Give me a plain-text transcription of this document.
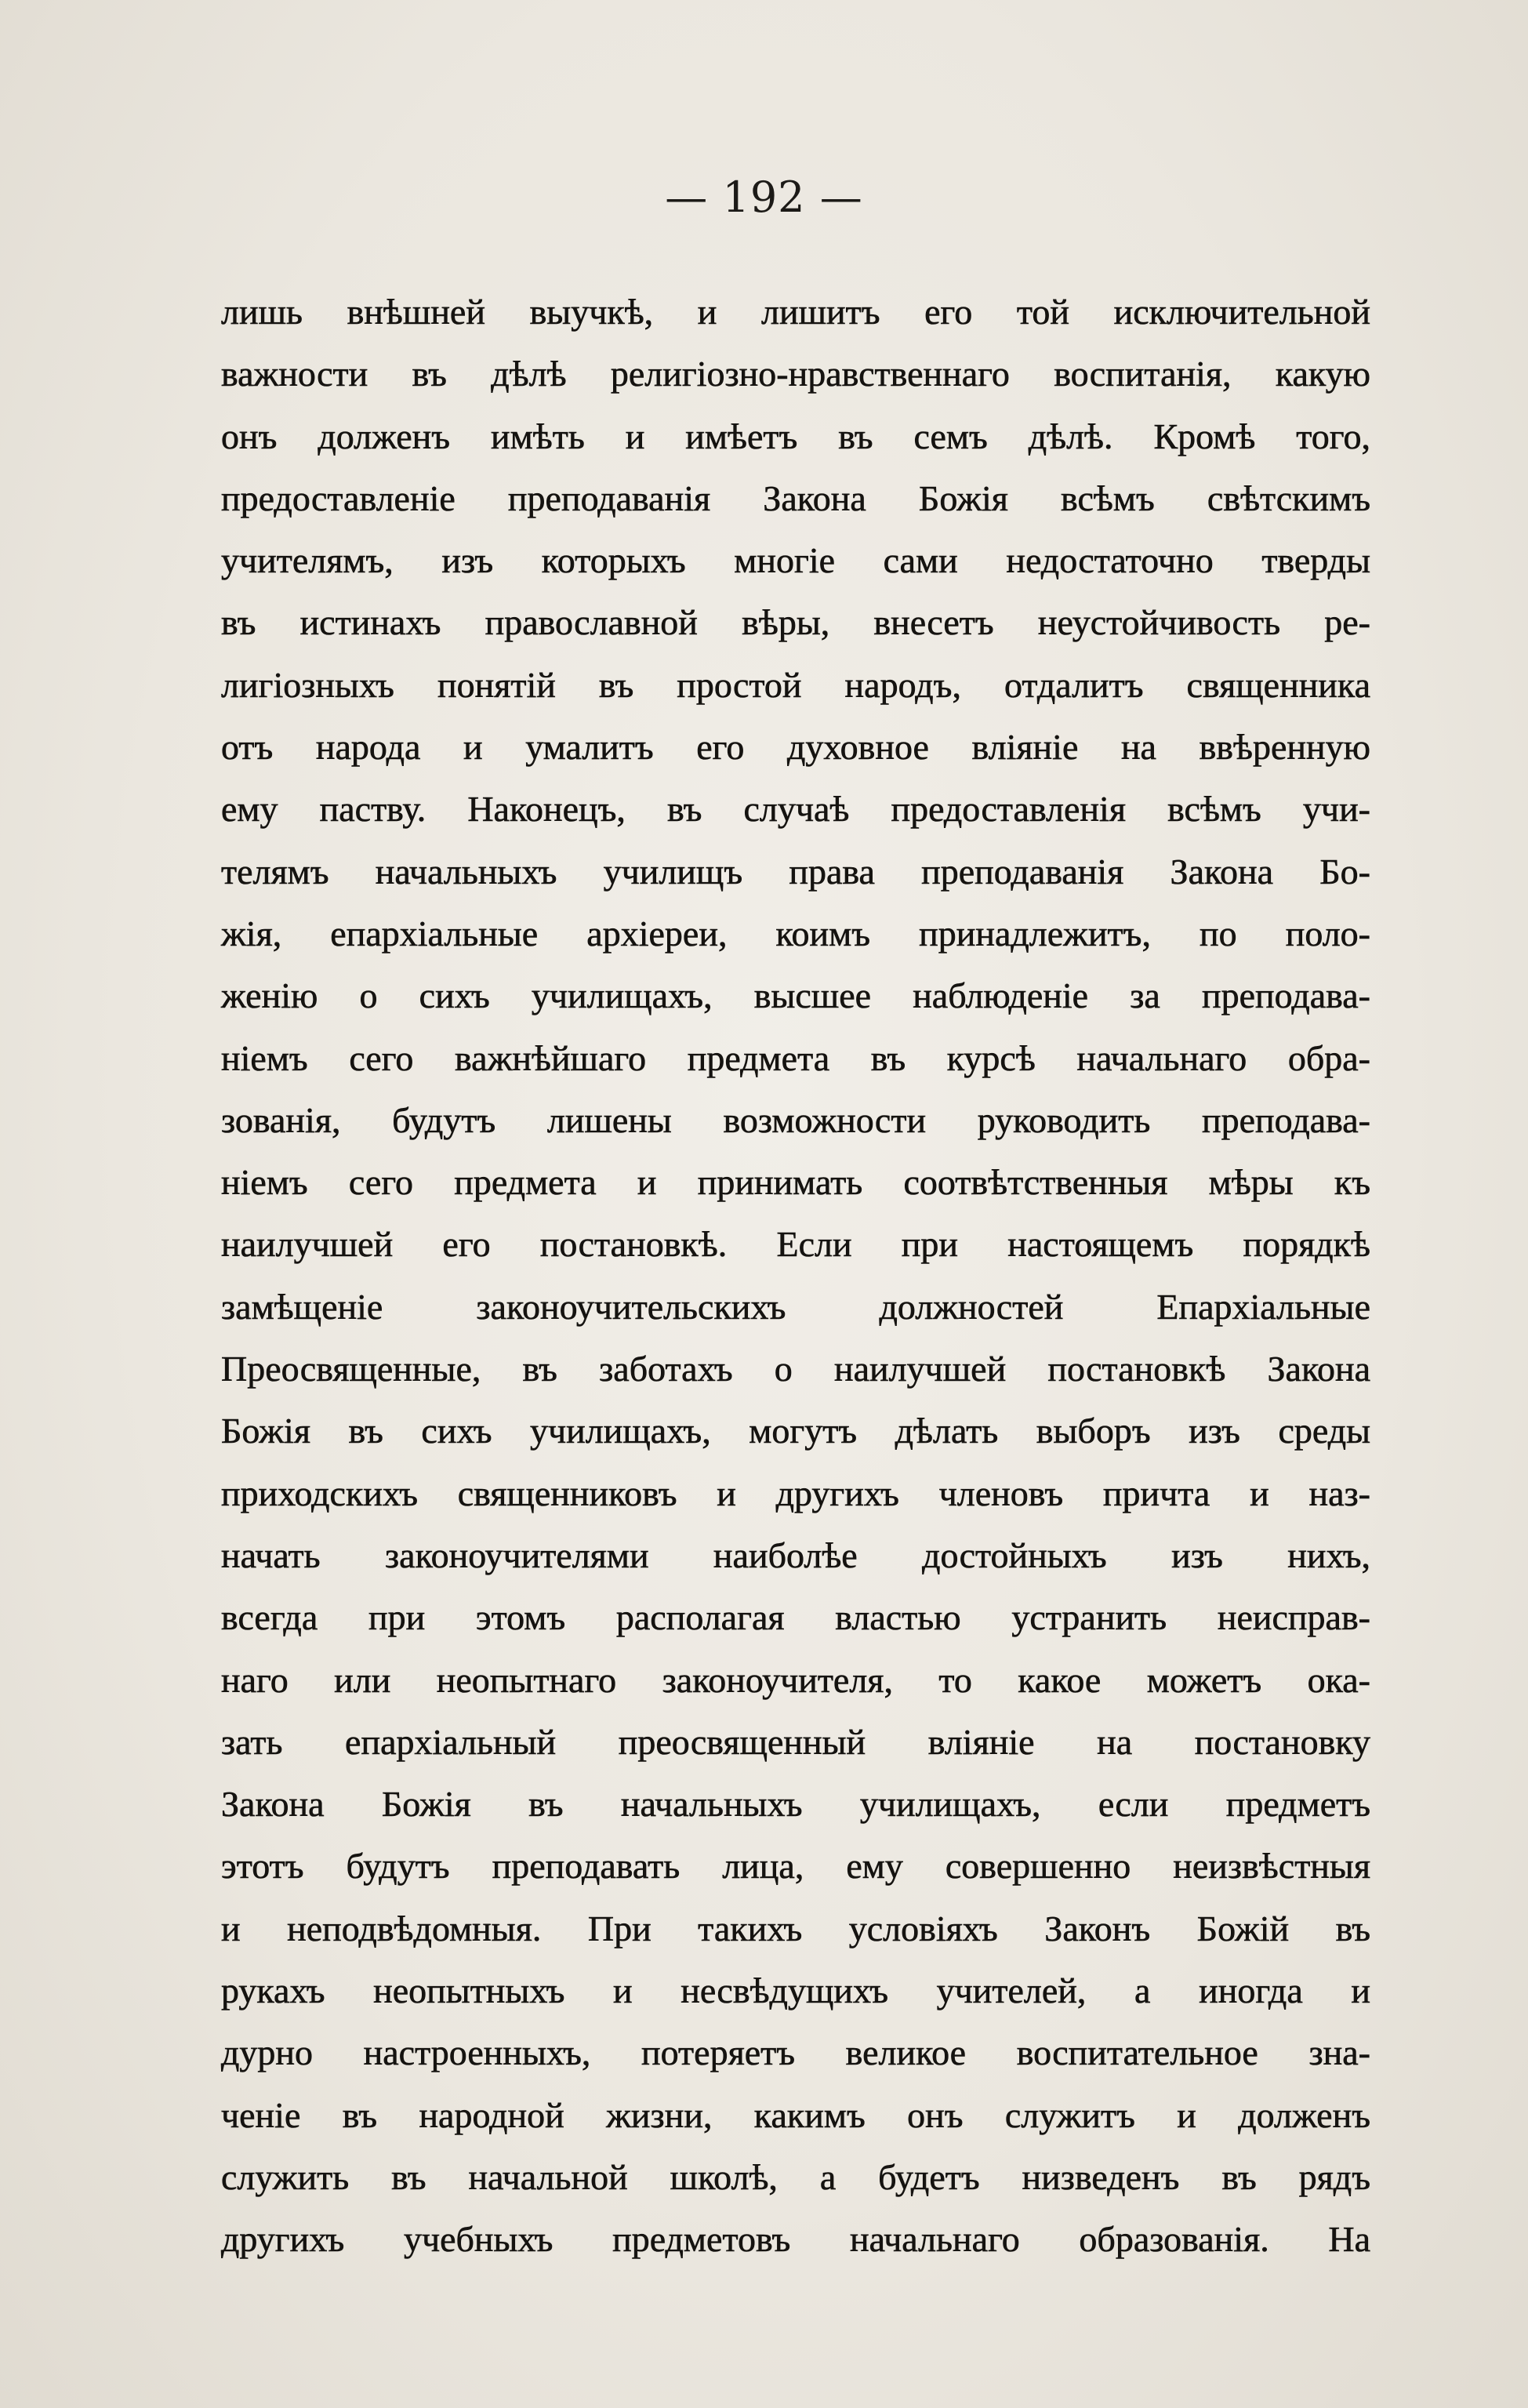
— 192 —
лишь внѣшней выучкѣ, и лишитъ его той исключительной
важности въ дѣлѣ религіозно-нравственнаго воспитанія, какую
онъ долженъ имѣть и имѣетъ въ семъ дѣлѣ. Кромѣ того,
предоставленіе преподаванія Закона Божія всѣмъ свѣтскимъ
учителямъ, изъ которыхъ многіе сами недостаточно тверды
въ истинахъ православной вѣры, внесетъ неустойчивость ре-
лигіозныхъ понятій въ простой народъ, отдалитъ священника
отъ народа и умалитъ его духовное вліяніе на ввѣренную
ему паству. Наконецъ, въ случаѣ предоставленія всѣмъ учи-
телямъ начальныхъ училищъ права преподаванія Закона Бо-
жія, епархіальные архіереи, коимъ принадлежитъ, по поло-
женію о сихъ училищахъ, высшее наблюденіе за преподава-
ніемъ сего важнѣйшаго предмета въ курсѣ начальнаго обра-
зованія, будутъ лишены возможности руководить преподава-
ніемъ сего предмета и принимать соотвѣтственныя мѣры къ
наилучшей его постановкѣ. Если при настоящемъ порядкѣ
замѣщеніе законоучительскихъ должностей Епархіальные
Преосвященные, въ заботахъ о наилучшей постановкѣ Закона
Божія въ сихъ училищахъ, могутъ дѣлать выборъ изъ среды
приходскихъ священниковъ и другихъ членовъ причта и наз-
начать законоучителями наиболѣе достойныхъ изъ нихъ,
всегда при этомъ располагая властью устранить неисправ-
наго или неопытнаго законоучителя, то какое можетъ ока-
зать епархіальный преосвященный вліяніе на постановку
Закона Божія въ начальныхъ училищахъ, если предметъ
этотъ будутъ преподавать лица, ему совершенно неизвѣстныя
и неподвѣдомныя. При такихъ условіяхъ Законъ Божій въ
рукахъ неопытныхъ и несвѣдущихъ учителей, а иногда и
дурно настроенныхъ, потеряетъ великое воспитательное зна-
ченіе въ народной жизни, какимъ онъ служитъ и долженъ
служить въ начальной школѣ, а будетъ низведенъ въ рядъ
другихъ учебныхъ предметовъ начальнаго образованія. На
